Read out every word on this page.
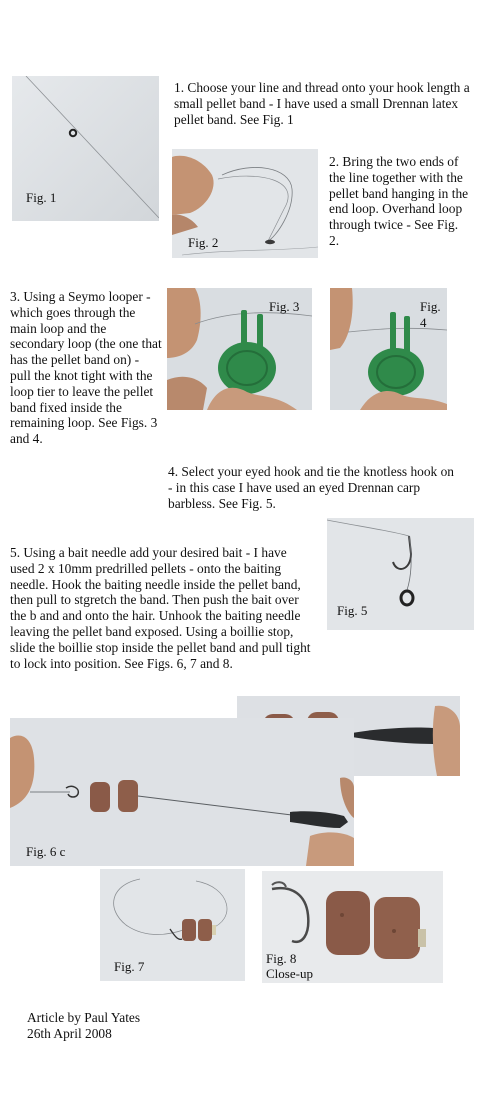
Fig. 1
1. Choose your line and thread onto your hook length a small pellet band - I have used a small Drennan latex pellet band. See Fig. 1
Fig. 2
2. Bring the two ends of the line together with the pellet band hanging in the end loop. Overhand loop through twice - See Fig. 2.
3. Using a Seymo looper - which goes through the main loop and the secondary loop (the one that has the pellet band on) - pull the knot tight with the loop tier to leave the pellet band fixed inside the remaining loop. See Figs. 3 and 4.
Fig. 3	Fig. 4
4. Select your eyed hook and tie the knotless hook on - in this case I have used an eyed Drennan carp barbless. See Fig. 5.
5. Using a bait needle add your desired bait - I have used 2 x 10mm predrilled pellets - onto the baiting needle. Hook the baiting needle inside the pellet band, then pull to stgretch the band. Then push the bait over the b and and onto the hair. Unhook the baiting needle leaving the pellet band exposed. Using a boillie stop, slide the boillie stop inside the pellet band and pull tight to lock into position. See Figs. 6, 7 and 8.
Fig. 5
Fig. 6 c
Fig. 7
Fig. 8
Close-up
Article by Paul Yates
26th April 2008
